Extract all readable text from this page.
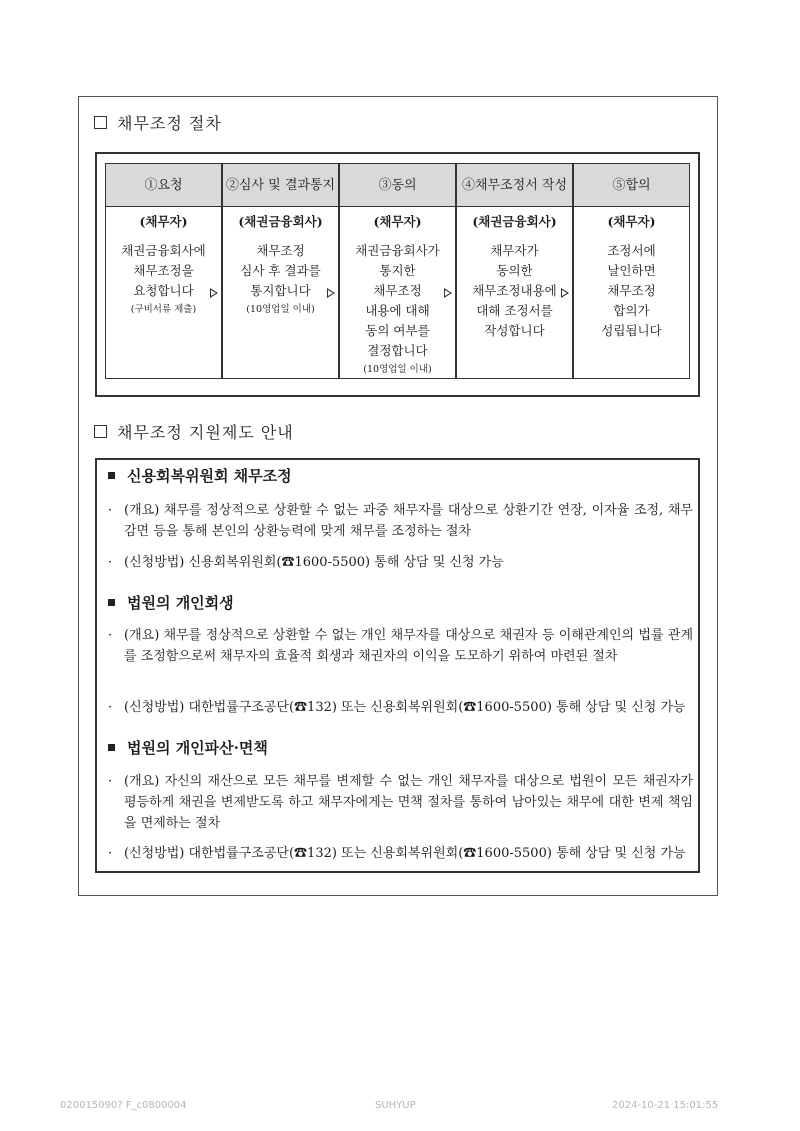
채무조정 절차
①요청
(채무자)
채권금융회사에
채무조정을
요청합니다
(구비서류 제출)
②심사 및 결과통지
(채권금융회사)
채무조정
심사 후 결과를
통지합니다
(10영업일 이내)
③동의
(채무자)
채권금융회사가
통지한
채무조정
내용에 대해
동의 여부를
결정합니다
(10영업일 이내)
④채무조정서 작성
(채권금융회사)
채무자가
동의한
채무조정내용에
대해 조정서를
작성합니다
⑤합의
(채무자)
조정서에
날인하면
채무조정
합의가
성립됩니다
채무조정 지원제도 안내
신용회복위원회 채무조정
· (개요) 채무를 정상적으로 상환할 수 없는 과중 채무자를 대상으로 상환기간 연장, 이자율 조정, 채무감면 등을 통해 본인의 상환능력에 맞게 채무를 조정하는 절차
· (신청방법) 신용회복위원회(☎1600-5500) 통해 상담 및 신청 가능
법원의 개인회생
· (개요) 채무를 정상적으로 상환할 수 없는 개인 채무자를 대상으로 채권자 등 이해관계인의 법률 관계를 조정함으로써 채무자의 효율적 회생과 채권자의 이익을 도모하기 위하여 마련된 절차
· (신청방법) 대한법률구조공단(☎132) 또는 신용회복위원회(☎1600-5500) 통해 상담 및 신청 가능
법원의 개인파산·면책
· (개요) 자신의 재산으로 모든 채무를 변제할 수 없는 개인 채무자를 대상으로 법원이 모든 채권자가 평등하게 채권을 변제받도록 하고 채무자에게는 면책 절차를 통하여 남아있는 채무에 대한 변제 책임을 면제하는 절차
· (신청방법) 대한법률구조공단(☎132) 또는 신용회복위원회(☎1600-5500) 통해 상담 및 신청 가능
020015090? F_c0800004	SUHYUP	2024-10-21 15:01:55
